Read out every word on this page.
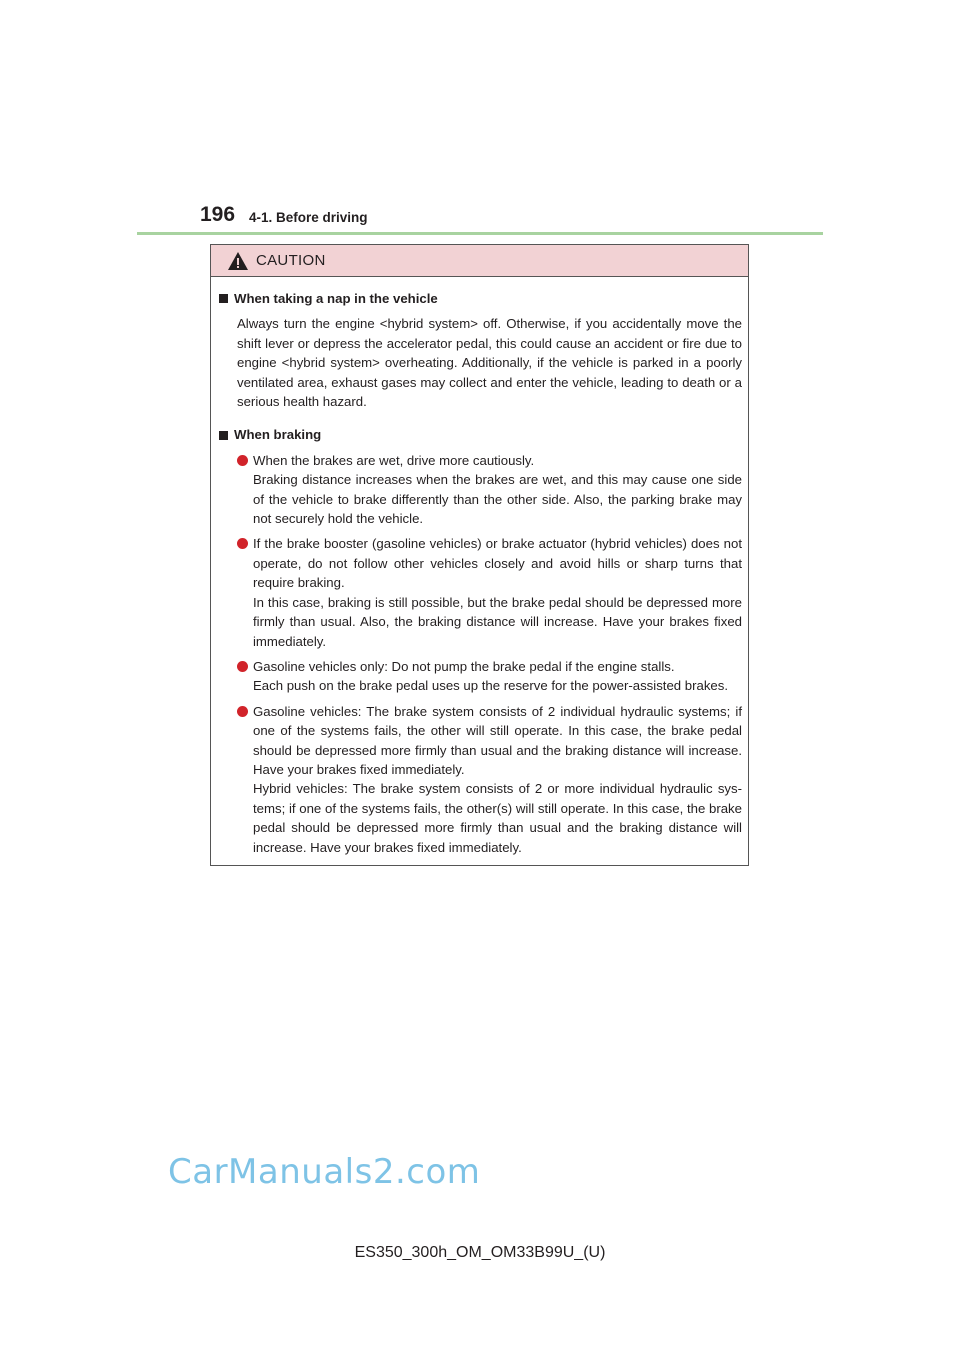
196 4-1. Before driving
CAUTION
When taking a nap in the vehicle
Always turn the engine <hybrid system> off. Otherwise, if you accidentally move the shift lever or depress the accelerator pedal, this could cause an accident or fire due to engine <hybrid system> overheating. Additionally, if the vehicle is parked in a poorly ventilated area, exhaust gases may collect and enter the vehicle, leading to death or a serious health hazard.
When braking
When the brakes are wet, drive more cautiously.
Braking distance increases when the brakes are wet, and this may cause one side of the vehicle to brake differently than the other side. Also, the parking brake may not securely hold the vehicle.
If the brake booster (gasoline vehicles) or brake actuator (hybrid vehicles) does not operate, do not follow other vehicles closely and avoid hills or sharp turns that require braking.
In this case, braking is still possible, but the brake pedal should be depressed more firmly than usual. Also, the braking distance will increase. Have your brakes fixed immediately.
Gasoline vehicles only: Do not pump the brake pedal if the engine stalls.
Each push on the brake pedal uses up the reserve for the power-assisted brakes.
Gasoline vehicles: The brake system consists of 2 individual hydraulic systems; if one of the systems fails, the other will still operate. In this case, the brake pedal should be depressed more firmly than usual and the braking distance will increase. Have your brakes fixed immediately.
Hybrid vehicles: The brake system consists of 2 or more individual hydraulic sys-tems; if one of the systems fails, the other(s) will still operate. In this case, the brake pedal should be depressed more firmly than usual and the braking distance will increase. Have your brakes fixed immediately.
CarManuals2.com
ES350_300h_OM_OM33B99U_(U)
